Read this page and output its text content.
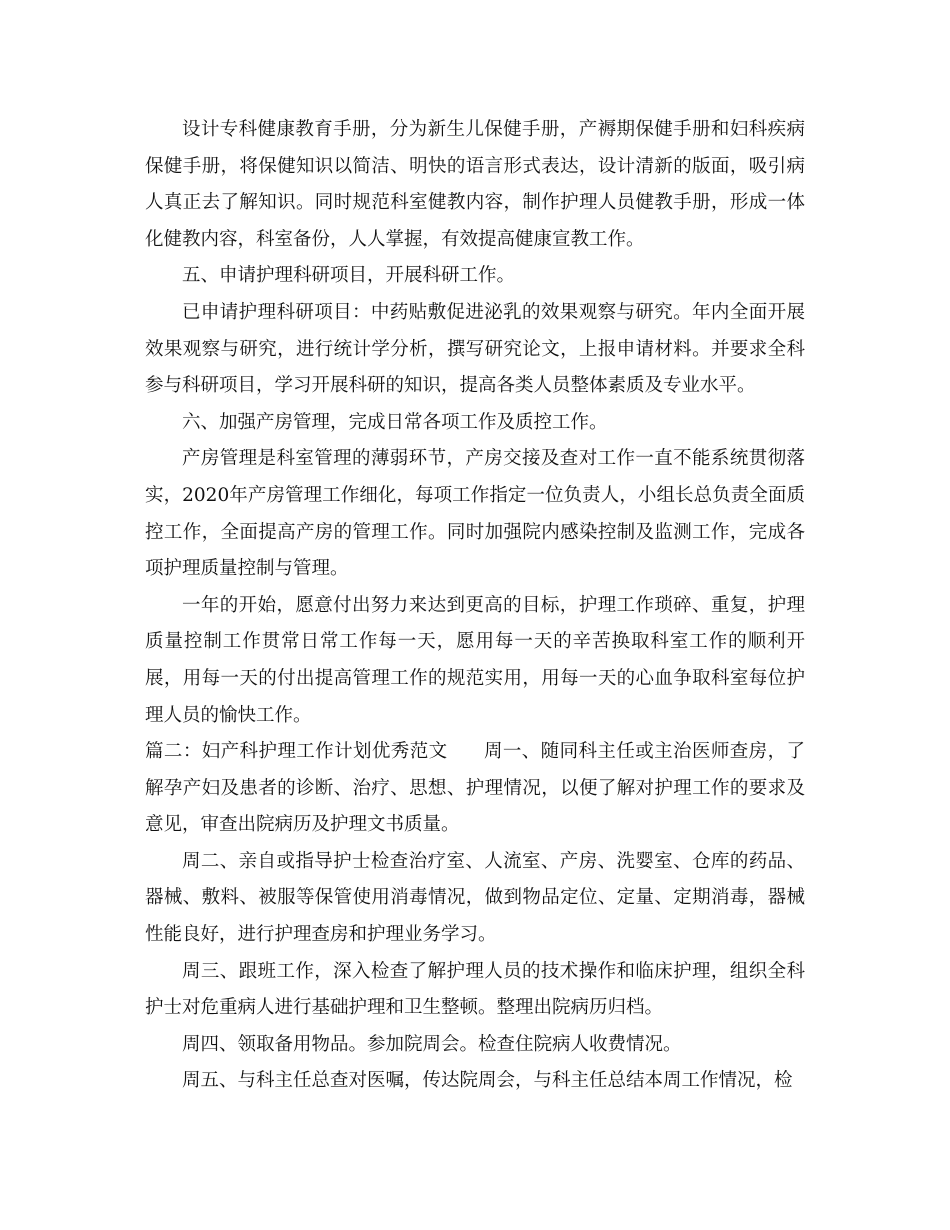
设计专科健康教育手册，分为新生儿保健手册，产褥期保健手册和妇科疾病保健手册，将保健知识以简洁、明快的语言形式表达，设计清新的版面，吸引病人真正去了解知识。同时规范科室健教内容，制作护理人员健教手册，形成一体化健教内容，科室备份，人人掌握，有效提高健康宣教工作。

五、申请护理科研项目，开展科研工作。

已申请护理科研项目：中药贴敷促进泌乳的效果观察与研究。年内全面开展效果观察与研究，进行统计学分析，撰写研究论文，上报申请材料。并要求全科参与科研项目，学习开展科研的知识，提高各类人员整体素质及专业水平。

六、加强产房管理，完成日常各项工作及质控工作。

产房管理是科室管理的薄弱环节，产房交接及查对工作一直不能系统贯彻落实，2020年产房管理工作细化，每项工作指定一位负责人，小组长总负责全面质控工作，全面提高产房的管理工作。同时加强院内感染控制及监测工作，完成各项护理质量控制与管理。

一年的开始，愿意付出努力来达到更高的目标，护理工作琐碎、重复，护理质量控制工作贯常日常工作每一天，愿用每一天的辛苦换取科室工作的顺利开展，用每一天的付出提高管理工作的规范实用，用每一天的心血争取科室每位护理人员的愉快工作。

篇二：妇产科护理工作计划优秀范文 周一、随同科主任或主治医师查房，了解孕产妇及患者的诊断、治疗、思想、护理情况，以便了解对护理工作的要求及意见，审查出院病历及护理文书质量。

周二、亲自或指导护士检查治疗室、人流室、产房、洗婴室、仓库的药品、器械、敷料、被服等保管使用消毒情况，做到物品定位、定量、定期消毒，器械性能良好，进行护理查房和护理业务学习。

周三、跟班工作，深入检查了解护理人员的技术操作和临床护理，组织全科护士对危重病人进行基础护理和卫生整顿。整理出院病历归档。

周四、领取备用物品。参加院周会。检查住院病人收费情况。

周五、与科主任总查对医嘱，传达院周会，与科主任总结本周工作情况，检
